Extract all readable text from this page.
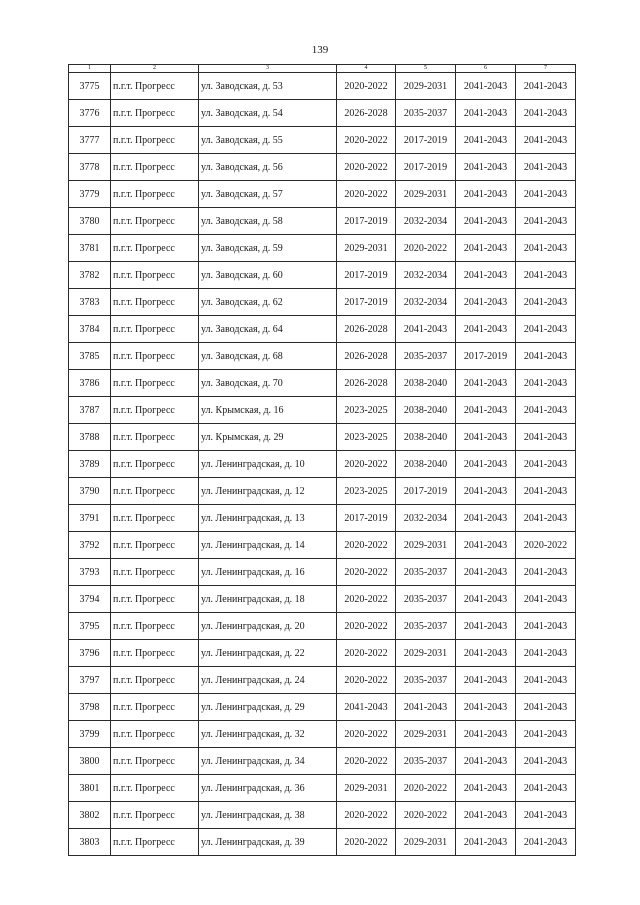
139
1	2	3	4	5	6	7
3775	п.г.т. Прогресс	ул. Заводская, д. 53	2020-2022	2029-2031	2041-2043	2041-2043
3776	п.г.т. Прогресс	ул. Заводская, д. 54	2026-2028	2035-2037	2041-2043	2041-2043
3777	п.г.т. Прогресс	ул. Заводская, д. 55	2020-2022	2017-2019	2041-2043	2041-2043
3778	п.г.т. Прогресс	ул. Заводская, д. 56	2020-2022	2017-2019	2041-2043	2041-2043
3779	п.г.т. Прогресс	ул. Заводская, д. 57	2020-2022	2029-2031	2041-2043	2041-2043
3780	п.г.т. Прогресс	ул. Заводская, д. 58	2017-2019	2032-2034	2041-2043	2041-2043
3781	п.г.т. Прогресс	ул. Заводская, д. 59	2029-2031	2020-2022	2041-2043	2041-2043
3782	п.г.т. Прогресс	ул. Заводская, д. 60	2017-2019	2032-2034	2041-2043	2041-2043
3783	п.г.т. Прогресс	ул. Заводская, д. 62	2017-2019	2032-2034	2041-2043	2041-2043
3784	п.г.т. Прогресс	ул. Заводская, д. 64	2026-2028	2041-2043	2041-2043	2041-2043
3785	п.г.т. Прогресс	ул. Заводская, д. 68	2026-2028	2035-2037	2017-2019	2041-2043
3786	п.г.т. Прогресс	ул. Заводская, д. 70	2026-2028	2038-2040	2041-2043	2041-2043
3787	п.г.т. Прогресс	ул. Крымская, д. 16	2023-2025	2038-2040	2041-2043	2041-2043
3788	п.г.т. Прогресс	ул. Крымская, д. 29	2023-2025	2038-2040	2041-2043	2041-2043
3789	п.г.т. Прогресс	ул. Ленинградская, д. 10	2020-2022	2038-2040	2041-2043	2041-2043
3790	п.г.т. Прогресс	ул. Ленинградская, д. 12	2023-2025	2017-2019	2041-2043	2041-2043
3791	п.г.т. Прогресс	ул. Ленинградская, д. 13	2017-2019	2032-2034	2041-2043	2041-2043
3792	п.г.т. Прогресс	ул. Ленинградская, д. 14	2020-2022	2029-2031	2041-2043	2020-2022
3793	п.г.т. Прогресс	ул. Ленинградская, д. 16	2020-2022	2035-2037	2041-2043	2041-2043
3794	п.г.т. Прогресс	ул. Ленинградская, д. 18	2020-2022	2035-2037	2041-2043	2041-2043
3795	п.г.т. Прогресс	ул. Ленинградская, д. 20	2020-2022	2035-2037	2041-2043	2041-2043
3796	п.г.т. Прогресс	ул. Ленинградская, д. 22	2020-2022	2029-2031	2041-2043	2041-2043
3797	п.г.т. Прогресс	ул. Ленинградская, д. 24	2020-2022	2035-2037	2041-2043	2041-2043
3798	п.г.т. Прогресс	ул. Ленинградская, д. 29	2041-2043	2041-2043	2041-2043	2041-2043
3799	п.г.т. Прогресс	ул. Ленинградская, д. 32	2020-2022	2029-2031	2041-2043	2041-2043
3800	п.г.т. Прогресс	ул. Ленинградская, д. 34	2020-2022	2035-2037	2041-2043	2041-2043
3801	п.г.т. Прогресс	ул. Ленинградская, д. 36	2029-2031	2020-2022	2041-2043	2041-2043
3802	п.г.т. Прогресс	ул. Ленинградская, д. 38	2020-2022	2020-2022	2041-2043	2041-2043
3803	п.г.т. Прогресс	ул. Ленинградская, д. 39	2020-2022	2029-2031	2041-2043	2041-2043
